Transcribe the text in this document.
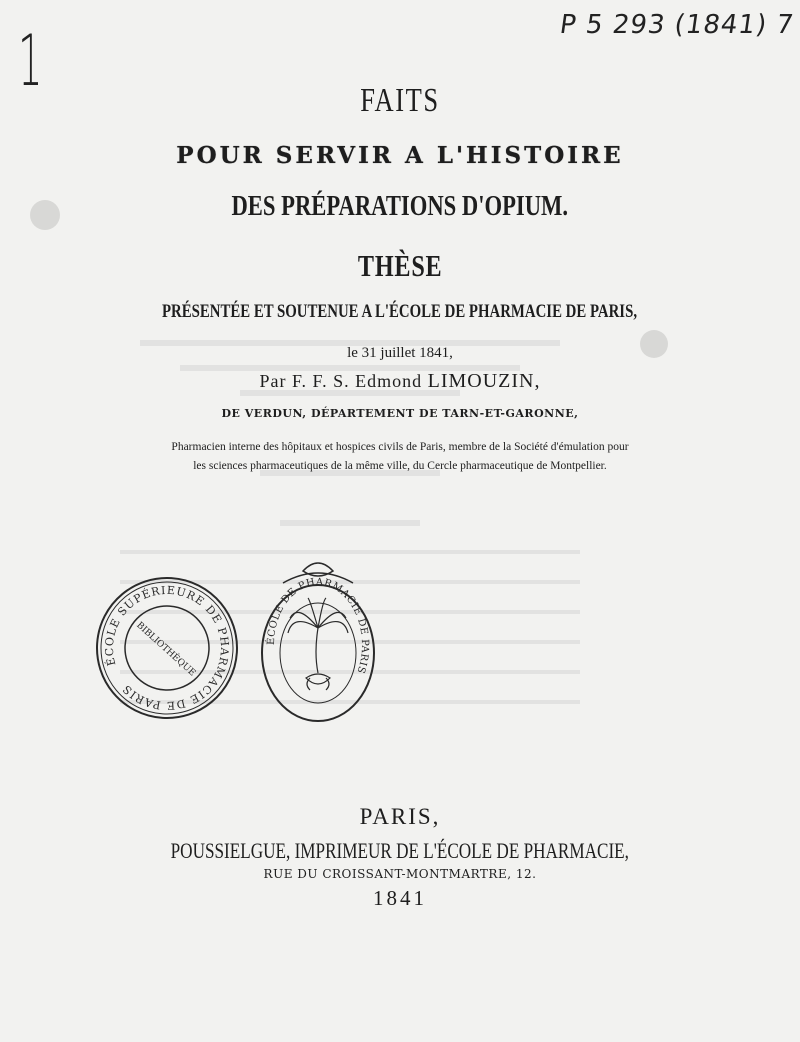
P 5 293 (1841) 7
1	FAITS
POUR SERVIR A L'HISTOIRE
DES PRÉPARATIONS D'OPIUM.
THÈSE
PRÉSENTÉE ET SOUTENUE A L'ÉCOLE DE PHARMACIE DE PARIS,
le 31 juillet 1841,
Par F. F. S. Edmond LIMOUZIN,
DE VERDUN, DÉPARTEMENT DE TARN-ET-GARONNE,
Pharmacien interne des hôpitaux et hospices civils de Paris, membre de la Société d'émulation pour
les sciences pharmaceutiques de la même ville, du Cercle pharmaceutique de Montpellier.
ÉCOLE SUPÉRIEURE DE PHARMACIE DE PARIS
BIBLIOTHÈQUE	ÉCOLE DE PHARMACIE DE PARIS
PARIS,
POUSSIELGUE, IMPRIMEUR DE L'ÉCOLE DE PHARMACIE,
RUE DU CROISSANT-MONTMARTRE, 12.
1841
